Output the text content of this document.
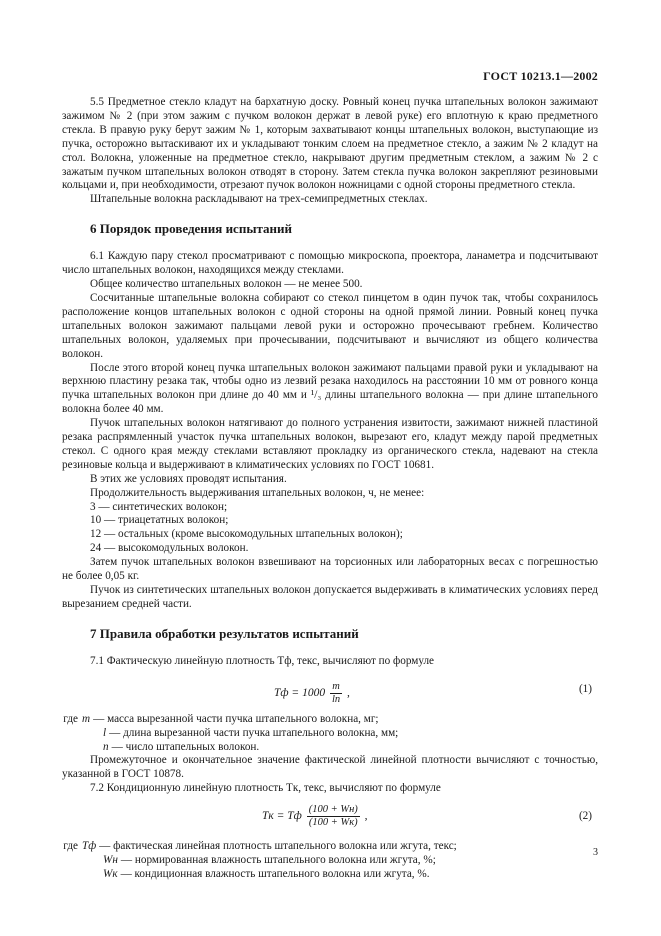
ГОСТ 10213.1—2002

5.5 Предметное стекло кладут на бархатную доску. Ровный конец пучка штапельных волокон зажимают зажимом № 2 (при этом зажим с пучком волокон держат в левой руке) его вплотную к краю предметного стекла. В правую руку берут зажим № 1, которым захватывают концы штапельных волокон, выступающие из пучка, осторожно вытаскивают их и укладывают тонким слоем на предметное стекло, а зажим № 2 кладут на стол. Волокна, уложенные на предметное стекло, накрывают другим предметным стеклом, а зажим № 2 с зажатым пучком штапельных волокон отводят в сторону. Затем стекла пучка волокон закрепляют резиновыми кольцами и, при необходимости, отрезают пучок волокон ножницами с одной стороны предметного стекла.

Штапельные волокна раскладывают на трех-семипредметных стеклах.

6 Порядок проведения испытаний

6.1 Каждую пару стекол просматривают с помощью микроскопа, проектора, ланаметра и подсчитывают число штапельных волокон, находящихся между стеклами.

Общее количество штапельных волокон — не менее 500.

Сосчитанные штапельные волокна собирают со стекол пинцетом в один пучок так, чтобы сохранилось расположение концов штапельных волокон с одной стороны на одной прямой линии. Ровный конец пучка штапельных волокон зажимают пальцами левой руки и осторожно прочесывают гребнем. Количество штапельных волокон, удаляемых при прочесывании, подсчитывают и вычисляют из общего количества волокон.

После этого второй конец пучка штапельных волокон зажимают пальцами правой руки и укладывают на верхнюю пластину резака так, чтобы одно из лезвий резака находилось на расстоянии 10 мм от ровного конца пучка штапельных волокон при длине до 40 мм и ¹/₃ длины штапельного волокна — при длине штапельного волокна более 40 мм.

Пучок штапельных волокон натягивают до полного устранения извитости, зажимают нижней пластиной резака распрямленный участок пучка штапельных волокон, вырезают его, кладут между парой предметных стекол. С одного края между стеклами вставляют прокладку из органического стекла, надевают на стекла резиновые кольца и выдерживают в климатических условиях по ГОСТ 10681.

В этих же условиях проводят испытания.

Продолжительность выдерживания штапельных волокон, ч, не менее:

3 — синтетических волокон;

10 — триацетатных волокон;

12 — остальных (кроме высокомодульных штапельных волокон);

24 — высокомодульных волокон.

Затем пучок штапельных волокон взвешивают на торсионных или лабораторных весах с погрешностью не более 0,05 кг.

Пучок из синтетических штапельных волокон допускается выдерживать в климатических условиях перед вырезанием средней части.

7 Правила обработки результатов испытаний

7.1 Фактическую линейную плотность Tф, текс, вычисляют по формуле

Tф = $1000 \frac{m}{\ln}$ ,	(1)
где m — масса вырезанной части пучка штапельного волокна, мг;
l — длина вырезанной части пучка штапельного волокна, мм;
n — число штапельных волокон.

Промежуточное и окончательное значение фактической линейной плотности вычисляют с точностью, указанной в ГОСТ 10878.

7.2 Кондиционную линейную плотность Tк, текс, вычисляют по формуле

Tк = Tф $\frac{(100 + Wн)}{(100 + Wк)}$ ,	(2)
где Tф — фактическая линейная плотность штапельного волокна или жгута, текс;
Wн — нормированная влажность штапельного волокна или жгута, %;
Wк — кондиционная влажность штапельного волокна или жгута, %.
3
